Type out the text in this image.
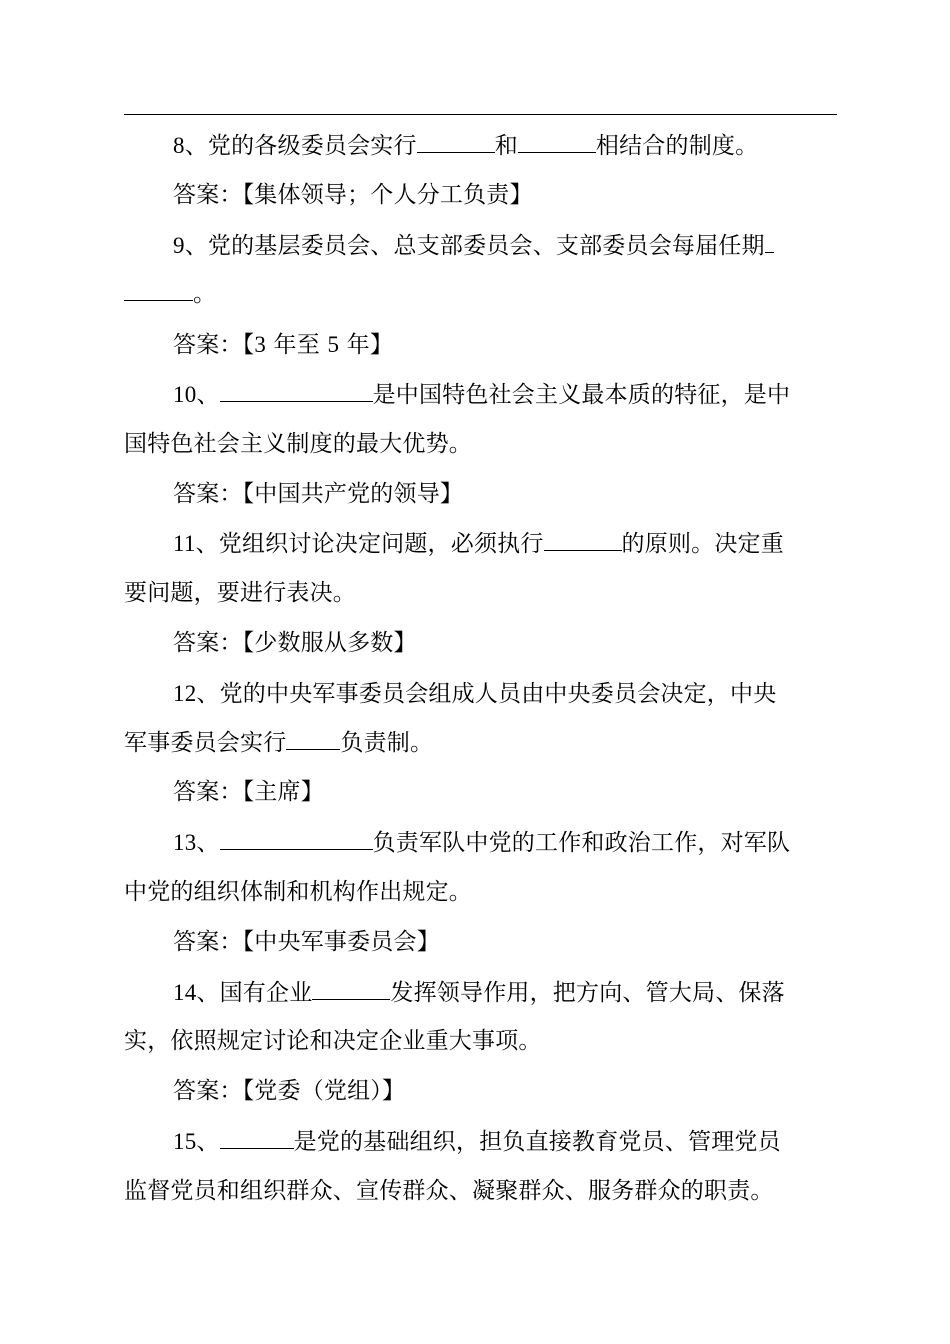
8、党的各级委员会实行	和	相结合的制度。
答案：【集体领导；个人分工负责】
9、党的基层委员会、总支部委员会、支部委员会每届任期
。
答案：【3 年至 5 年】
10、	是中国特色社会主义最本质的特征，是中
国特色社会主义制度的最大优势。
答案：【中国共产党的领导】
11、党组织讨论决定问题，必须执行	的原则。决定重
要问题，要进行表决。
答案：【少数服从多数】
12、党的中央军事委员会组成人员由中央委员会决定，中央
军事委员会实行 负责制。
答案：【主席】
13、	负责军队中党的工作和政治工作，对军队
中党的组织体制和机构作出规定。
答案：【中央军事委员会】
14、国有企业	发挥领导作用，把方向、管大局、保落
实，依照规定讨论和决定企业重大事项。
答案：【党委（党组）】
15、	是党的基础组织，担负直接教育党员、管理党员
监督党员和组织群众、宣传群众、凝聚群众、服务群众的职责。
